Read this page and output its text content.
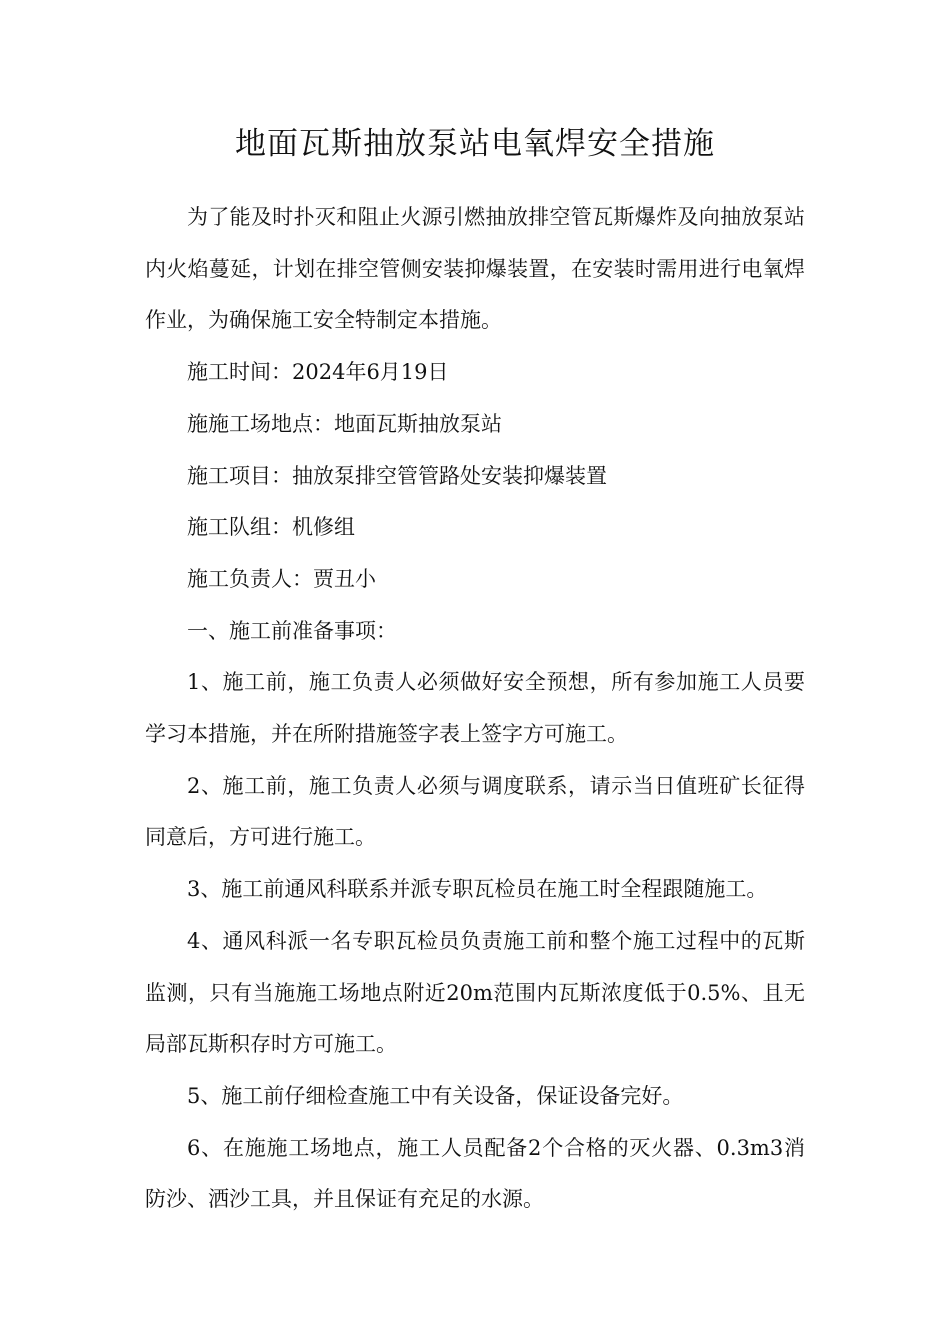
地面瓦斯抽放泵站电氧焊安全措施

为了能及时扑灭和阻止火源引燃抽放排空管瓦斯爆炸及向抽放泵站内火焰蔓延，计划在排空管侧安装抑爆装置，在安装时需用进行电氧焊作业，为确保施工安全特制定本措施。

施工时间：2024年6月19日

施施工场地点：地面瓦斯抽放泵站

施工项目：抽放泵排空管管路处安装抑爆装置

施工队组：机修组

施工负责人：贾丑小

一、施工前准备事项：

1、施工前，施工负责人必须做好安全预想，所有参加施工人员要学习本措施，并在所附措施签字表上签字方可施工。

2、施工前，施工负责人必须与调度联系，请示当日值班矿长征得同意后，方可进行施工。

3、施工前通风科联系并派专职瓦检员在施工时全程跟随施工。

4、通风科派一名专职瓦检员负责施工前和整个施工过程中的瓦斯监测，只有当施施工场地点附近20m范围内瓦斯浓度低于0.5%、且无局部瓦斯积存时方可施工。

5、施工前仔细检查施工中有关设备，保证设备完好。

6、在施施工场地点，施工人员配备2个合格的灭火器、0.3m3消防沙、洒沙工具，并且保证有充足的水源。
